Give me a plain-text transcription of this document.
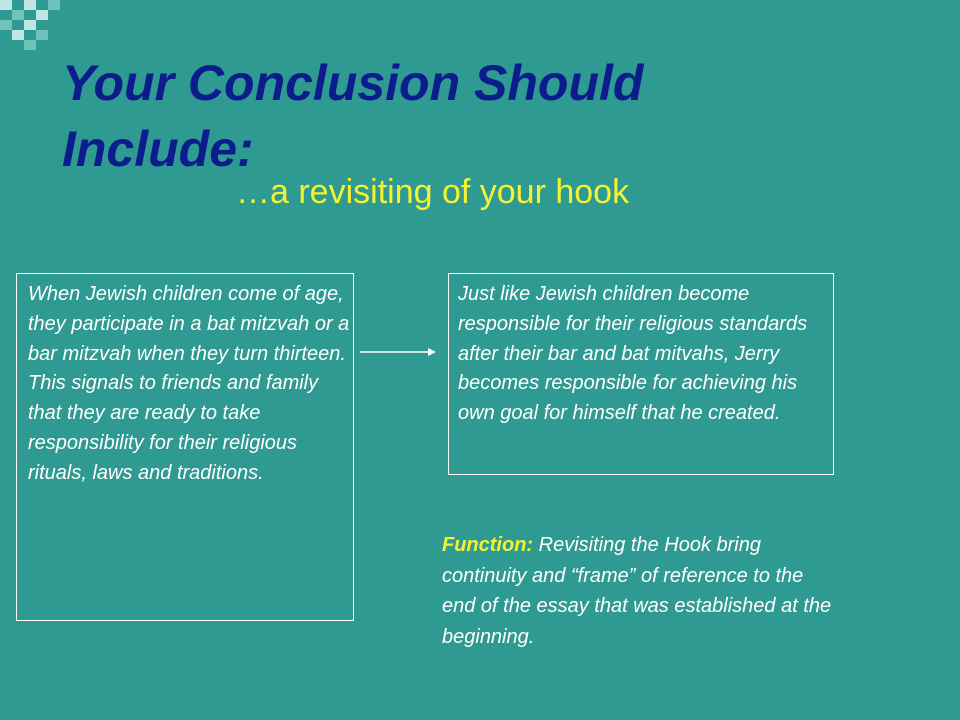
Your Conclusion Should Include:
…a revisiting of your hook
When Jewish children come of age, they participate in a bat mitzvah or a bar mitzvah when they turn thirteen. This signals to friends and family that they are ready to take responsibility for their religious rituals, laws and traditions.
Just like Jewish children become responsible for their religious standards after their bar and bat mitvahs, Jerry becomes responsible for achieving his own goal for himself that he created.
Function: Revisiting the Hook bring continuity and “frame” of reference to the end of the essay that was established at the beginning.
